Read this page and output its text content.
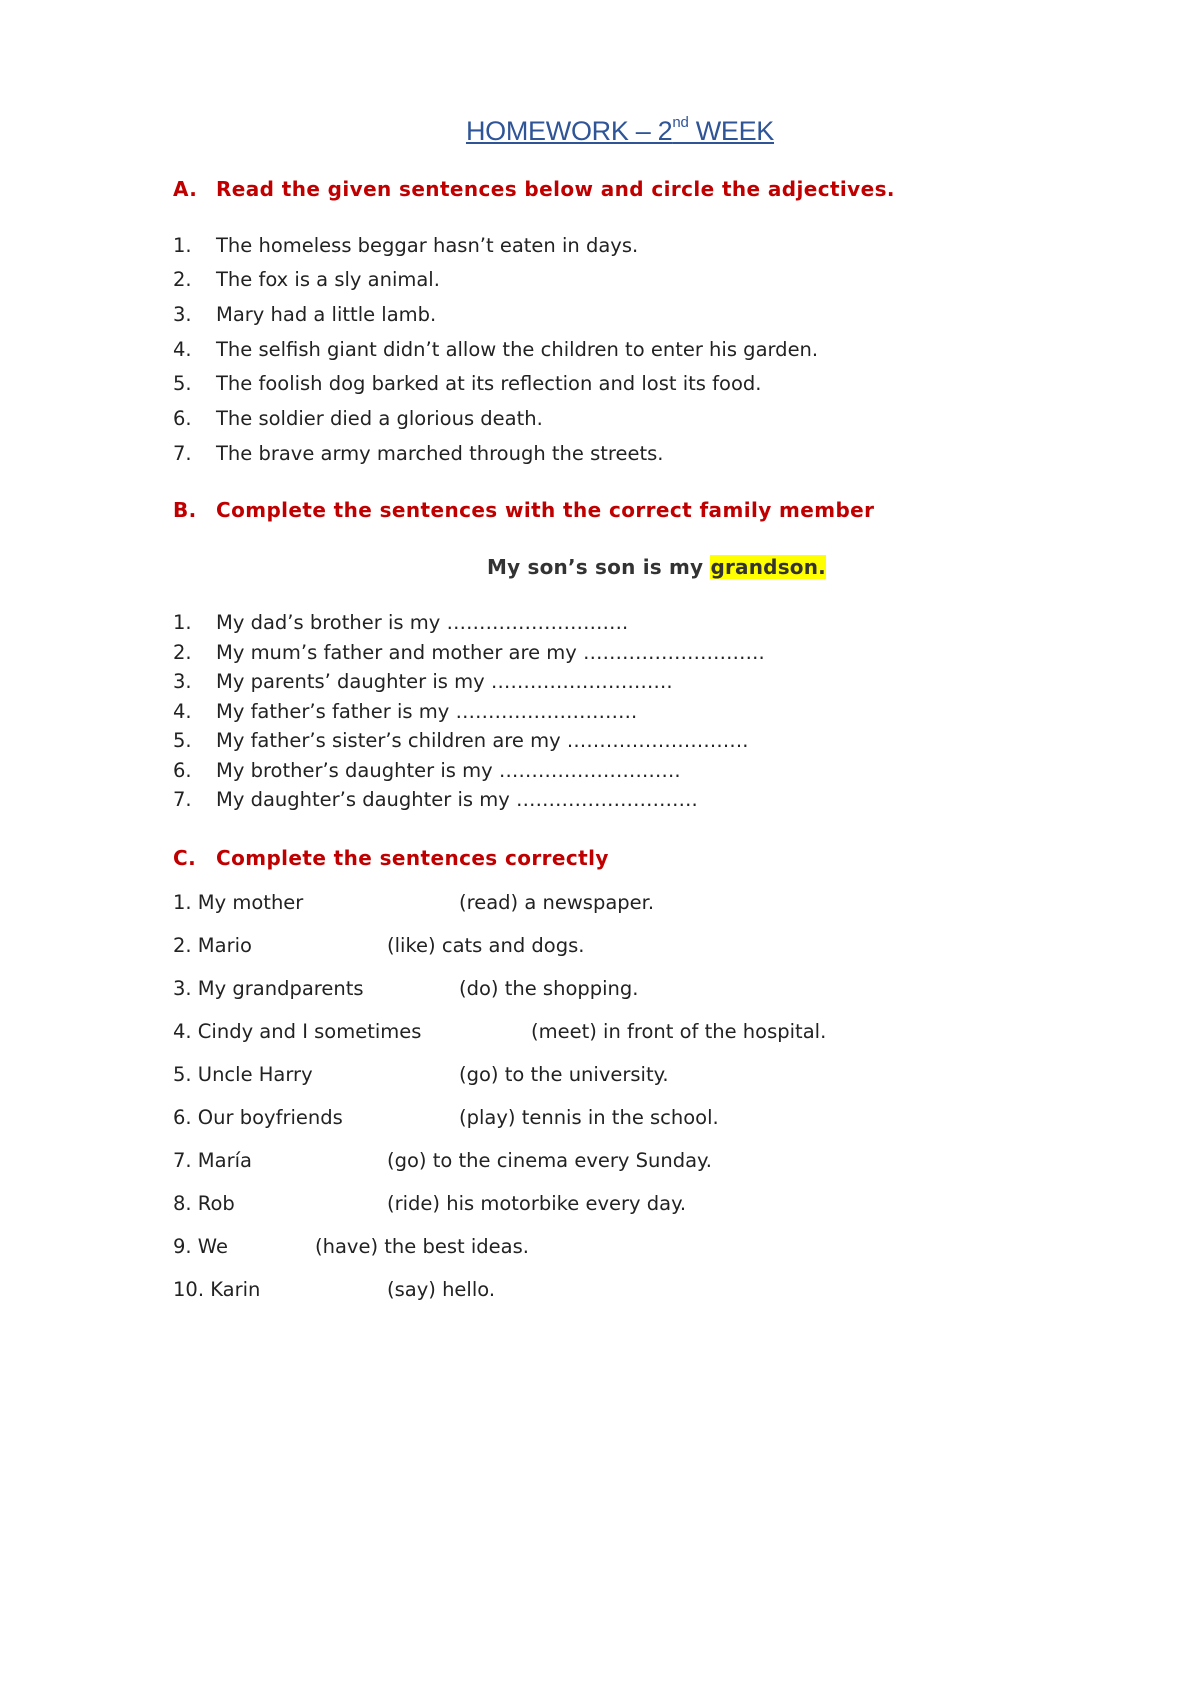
HOMEWORK – 2nd WEEK
A. Read the given sentences below and circle the adjectives.
1. The homeless beggar hasn’t eaten in days.
2. The fox is a sly animal.
3. Mary had a little lamb.
4. The selfish giant didn’t allow the children to enter his garden.
5. The foolish dog barked at its reflection and lost its food.
6. The soldier died a glorious death.
7. The brave army marched through the streets.
B. Complete the sentences with the correct family member
My son’s son is my grandson.
1. My dad’s brother is my ……………………….
2. My mum’s father and mother are my ……………………….
3. My parents’ daughter is my ……………………….
4. My father’s father is my ……………………….
5. My father’s sister’s children are my ……………………….
6. My brother’s daughter is my ……………………….
7. My daughter’s daughter is my ……………………….
C. Complete the sentences correctly
1. My mother	(read) a newspaper.
2. Mario	(like) cats and dogs.
3. My grandparents	(do) the shopping.
4. Cindy and I sometimes	(meet) in front of the hospital.
5. Uncle Harry	(go) to the university.
6. Our boyfriends	(play) tennis in the school.
7. María	(go) to the cinema every Sunday.
8. Rob	(ride) his motorbike every day.
9. We	(have) the best ideas.
10. Karin	(say) hello.
